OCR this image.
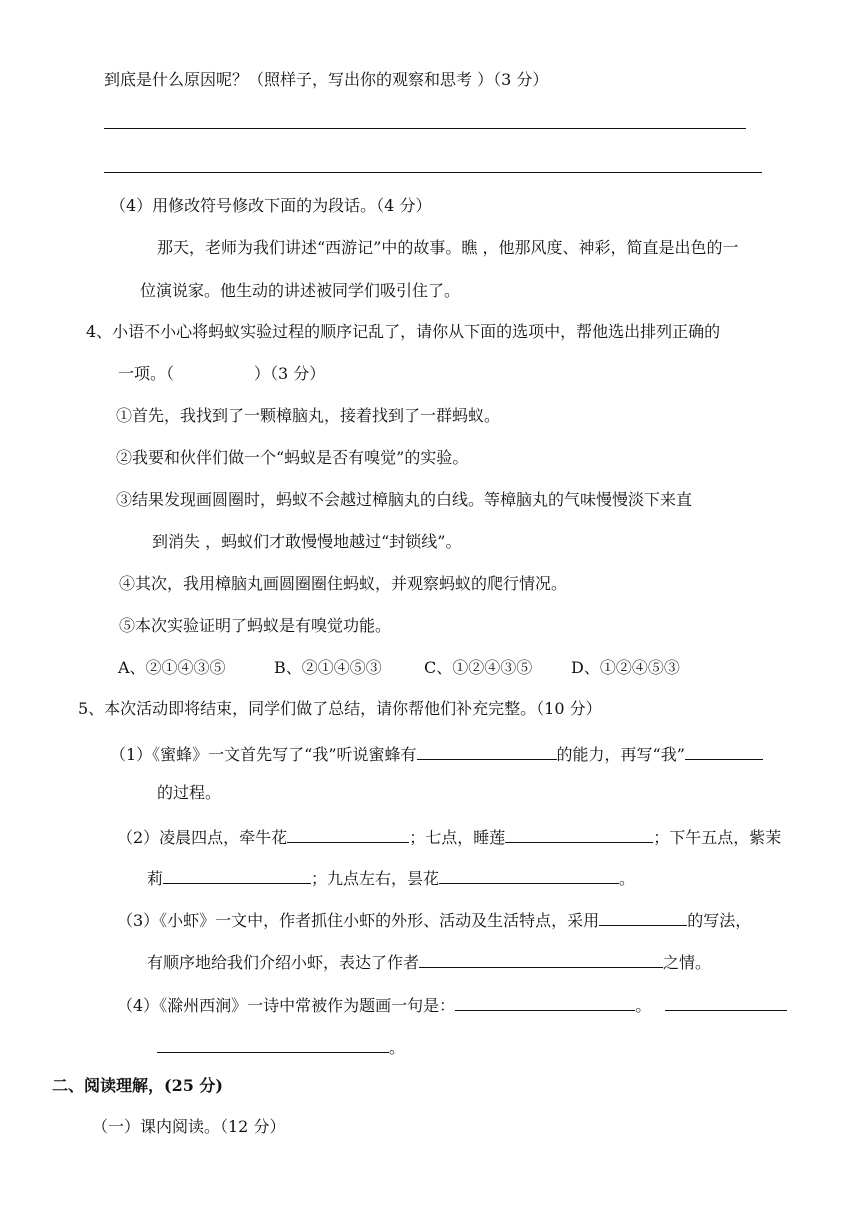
到底是什么原因呢？（照样子，写出你的观察和思考 ）（3 分）
（4）用修改符号修改下面的为段话。（4 分）
那天，老师为我们讲述“西游记”中的故事。瞧 ，他那风度、神彩，简直是出色的一
位演说家。他生动的讲述被同学们吸引住了。
4、小语不小心将蚂蚁实验过程的顺序记乱了，请你从下面的选项中，帮他选出排列正确的
一项。（	）（3 分）
①首先，我找到了一颗樟脑丸，接着找到了一群蚂蚁。
②我要和伙伴们做一个“蚂蚁是否有嗅觉”的实验。
③结果发现画圆圈时，蚂蚁不会越过樟脑丸的白线。等樟脑丸的气味慢慢淡下来直
到消失 ，蚂蚁们才敢慢慢地越过“封锁线”。
④其次，我用樟脑丸画圆圈圈住蚂蚁，并观察蚂蚁的爬行情况。
⑤本次实验证明了蚂蚁是有嗅觉功能。
A、②①④③⑤	B、②①④⑤③	C、①②④③⑤ D、①②④⑤③
5、本次活动即将结束，同学们做了总结，请你帮他们补充完整。（10 分）
（1）《蜜蜂》一文首先写了“我”听说蜜蜂有	的能力，再写“我”
的过程。
（2）凌晨四点，牵牛花	；七点，睡莲	；下午五点，紫茉
莉	；九点左右，昙花	。
（3）《小虾》一文中，作者抓住小虾的外形、活动及生活特点，采用	的写法，
有顺序地给我们介绍小虾，表达了作者	之情。
（4）《滁州西涧》一诗中常被作为题画一句是：	。
。
二、阅读理解，(25 分)
（一）课内阅读。（12 分）
